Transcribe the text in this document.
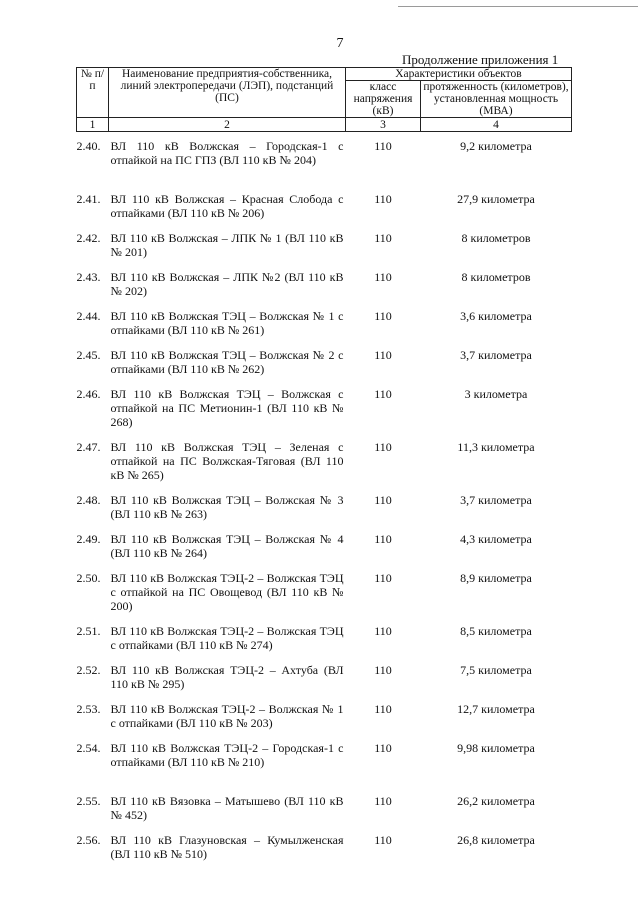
7
Продолжение приложения 1
№ п/п	Наименование предприятия-собственника, линий электропередачи (ЛЭП), подстанций (ПС)	Характеристики объектов	
		класс напряжения (кВ)	протяженность (километров), установленная мощность (МВА)
1	2	3	4
2.40.	ВЛ 110 кВ Волжская – Городская-1 с отпайкой на ПС ГПЗ (ВЛ 110 кВ № 204)	110	9,2 километра
2.41.	ВЛ 110 кВ Волжская – Красная Слобода с отпайками (ВЛ 110 кВ № 206)	110	27,9 километра
2.42.	ВЛ 110 кВ Волжская – ЛПК № 1 (ВЛ 110 кВ № 201)	110	8 километров
2.43.	ВЛ 110 кВ Волжская – ЛПК №2 (ВЛ 110 кВ № 202)	110	8 километров
2.44.	ВЛ 110 кВ Волжская ТЭЦ – Волжская № 1 с отпайками (ВЛ 110 кВ № 261)	110	3,6 километра
2.45.	ВЛ 110 кВ Волжская ТЭЦ – Волжская № 2 с отпайками (ВЛ 110 кВ № 262)	110	3,7 километра
2.46.	ВЛ 110 кВ Волжская ТЭЦ – Волжская с отпайкой на ПС Метионин-1 (ВЛ 110 кВ № 268)	110	3 километра
2.47.	ВЛ 110 кВ Волжская ТЭЦ – Зеленая с отпайкой на ПС Волжская-Тяговая (ВЛ 110 кВ № 265)	110	11,3 километра
2.48.	ВЛ 110 кВ Волжская ТЭЦ – Волжская № 3 (ВЛ 110 кВ № 263)	110	3,7 километра
2.49.	ВЛ 110 кВ Волжская ТЭЦ – Волжская № 4 (ВЛ 110 кВ № 264)	110	4,3 километра
2.50.	ВЛ 110 кВ Волжская ТЭЦ-2 – Волжская ТЭЦ с отпайкой на ПС Овощевод (ВЛ 110 кВ № 200)	110	8,9 километра
2.51.	ВЛ 110 кВ Волжская ТЭЦ-2 – Волжская ТЭЦ с отпайками (ВЛ 110 кВ № 274)	110	8,5 километра
2.52.	ВЛ 110 кВ Волжская ТЭЦ-2 – Ахтуба (ВЛ 110 кВ № 295)	110	7,5 километра
2.53.	ВЛ 110 кВ Волжская ТЭЦ-2 – Волжская № 1 с отпайками (ВЛ 110 кВ № 203)	110	12,7 километра
2.54.	ВЛ 110 кВ Волжская ТЭЦ-2 – Городская-1 с отпайками (ВЛ 110 кВ № 210)	110	9,98 километра
2.55.	ВЛ 110 кВ Вязовка – Матышево (ВЛ 110 кВ № 452)	110	26,2 километра
2.56.	ВЛ 110 кВ Глазуновская – Кумылженская (ВЛ 110 кВ № 510)	110	26,8 километра
